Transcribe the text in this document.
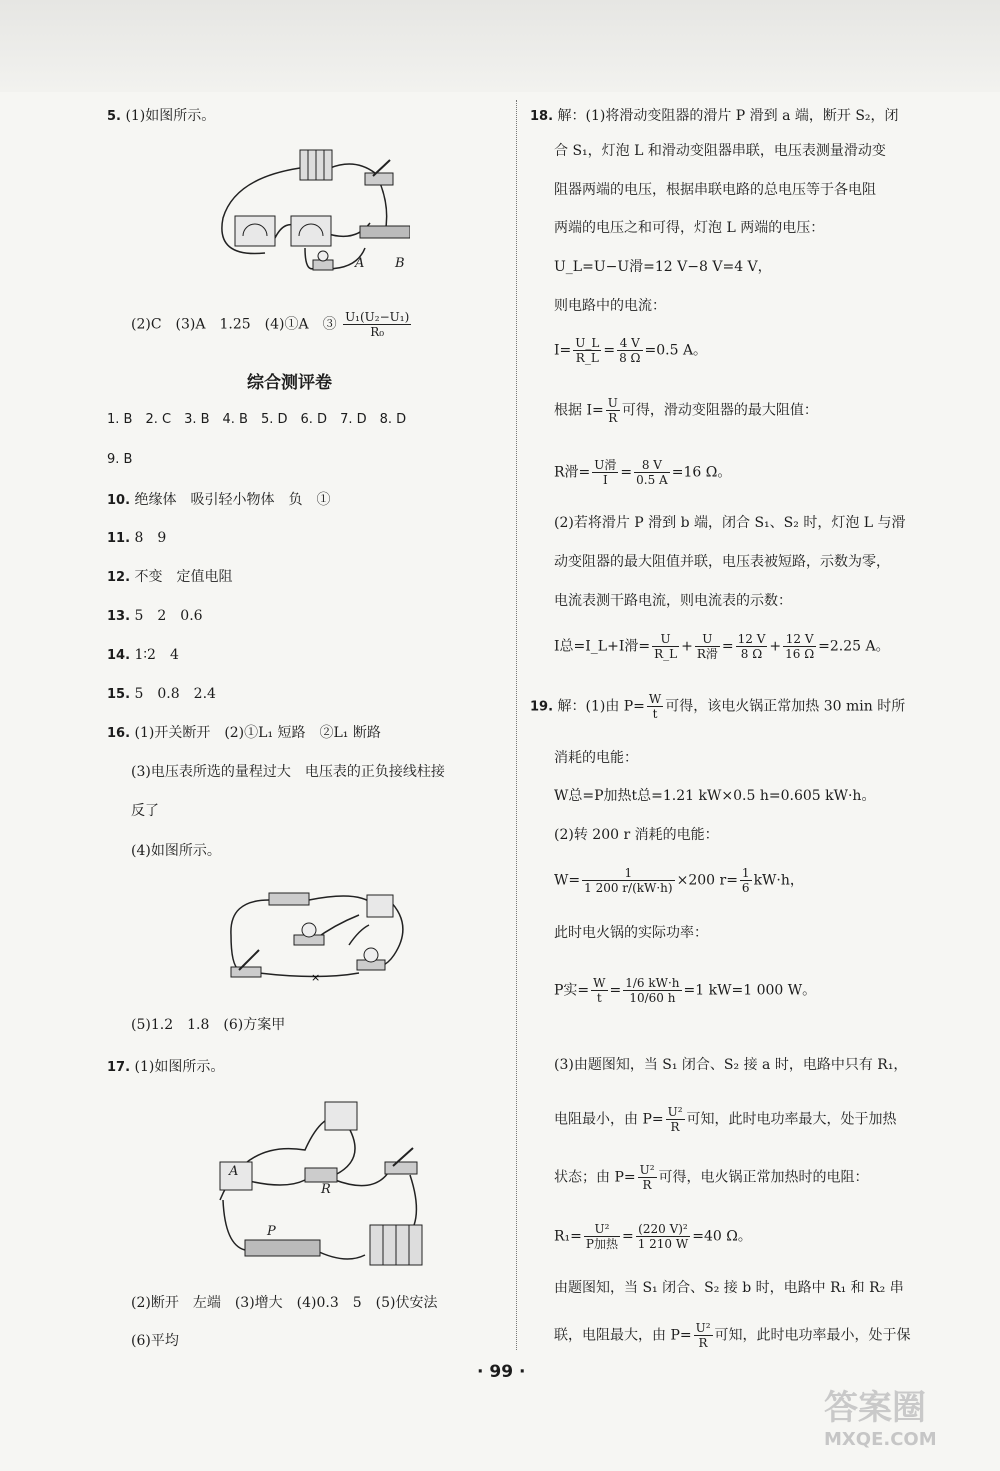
5. (1)如图所示。
A B
(2)C　(3)A　1.25　(4)①A　③ $\frac{\text{U₁(U₂−U₁)}}{\text{R₀}}$
综合测评卷
1. B　2. C　3. B　4. B　5. D　6. D　7. D　8. D
9. B
10. 绝缘体　吸引轻小物体　负　①
11. 8　9
12. 不变　定值电阻
13. 5　2　0.6
14. 1∶2　4
15. 5　0.8　2.4
16. (1)开关断开　(2)①L₁ 短路　②L₁ 断路
(3)电压表所选的量程过大　电压表的正负接线柱接
反了
(4)如图所示。
×
(5)1.2　1.8　(6)方案甲
17. (1)如图所示。
A
R
P
(2)断开　左端　(3)增大　(4)0.3　5　(5)伏安法
(6)平均
18. 解：(1)将滑动变阻器的滑片 P 滑到 a 端，断开 S₂，闭
合 S₁，灯泡 L 和滑动变阻器串联，电压表测量滑动变
阻器两端的电压，根据串联电路的总电压等于各电阻
两端的电压之和可得，灯泡 L 两端的电压：
U_L=U−U滑=12 V−8 V=4 V，
则电路中的电流：
$I= \frac{U\_L}{R\_L} = \frac{4 V}{8 \Omega} =0.5$ A。
根据 $I= \frac{U}{R}$ 可得，滑动变阻器的最大阻值：
R滑= $\frac{\text{U滑}}{I} = \frac{8 V}{0.5 A} =16$ Ω。
(2)若将滑片 P 滑到 b 端，闭合 S₁、S₂ 时，灯泡 L 与滑
动变阻器的最大阻值并联，电压表被短路，示数为零，
电流表测干路电流，则电流表的示数：
I总=I_L+I滑= $\frac{U}{R\_L} + \frac{U}{\text{R滑}} = \frac{12 V}{8 \Omega} + \frac{12 V}{16 \Omega} =2.25$ A。
19. 解：(1)由 $P= \frac{W}{t}$ 可得，该电火锅正常加热 30 min 时所
消耗的电能：
W总=P加热t总=1.21 kW×0.5 h=0.605 kW·h。
(2)转 200 r 消耗的电能：
$W= \frac{1}{1 200 r/(kW\cdot h)} \times 200$ $r= \frac{1}{6} kW\cdot h$，
此时电火锅的实际功率：
P实= $\frac{W}{t} = \frac{1/6 kW\cdot h}{10/60 h} =1$ kW=1 000 W。
(3)由题图知，当 S₁ 闭合、S₂ 接 a 时，电路中只有 R₁，
电阻最小，由 $P= \frac{\text{U²}}{R}$ 可知，此时电功率最大，处于加热
状态；由 $P= \frac{\text{U²}}{R}$ 可得，电火锅正常加热时的电阻：
$R_1= \frac{\text{U²}}{\text{P加热}} = \frac{\text{(220 V)²}}{1 210 W} =40$ Ω。
由题图知，当 S₁ 闭合、S₂ 接 b 时，电路中 R₁ 和 R₂ 串
联，电阻最大，由 $P= \frac{\text{U²}}{R}$ 可知，此时电功率最小，处于保
· 99 ·
答案圈
MXQE.COM
